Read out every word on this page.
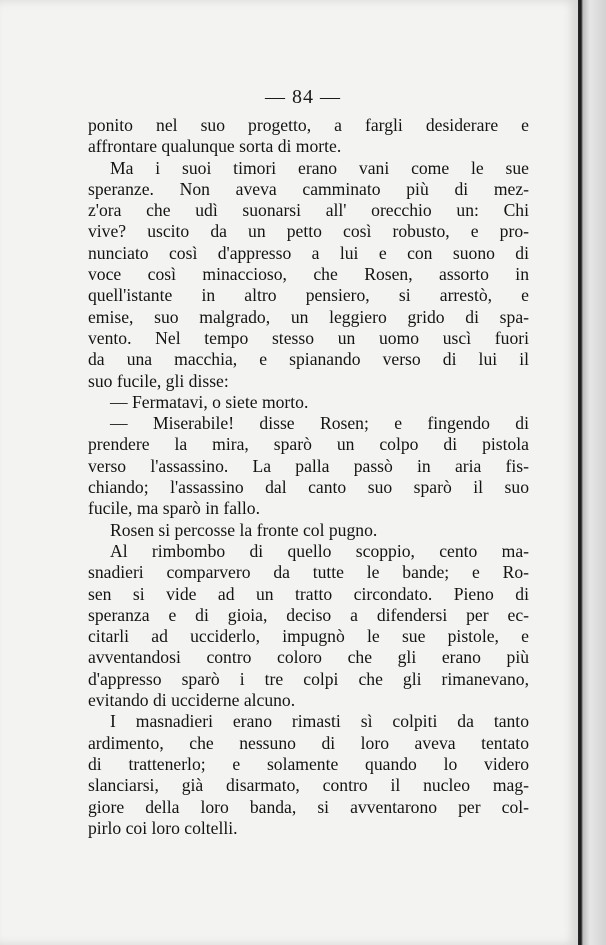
— 84 —
ponito nel suo progetto, a fargli desiderare e
affrontare qualunque sorta di morte.
Ma i suoi timori erano vani come le sue
speranze. Non aveva camminato più di mez-
z'ora che udì suonarsi all' orecchio un: Chi
vive? uscito da un petto così robusto, e pro-
nunciato così d'appresso a lui e con suono di
voce così minaccioso, che Rosen, assorto in
quell'istante in altro pensiero, si arrestò, e
emise, suo malgrado, un leggiero grido di spa-
vento. Nel tempo stesso un uomo uscì fuori
da una macchia, e spianando verso di lui il
suo fucile, gli disse:
— Fermatavi, o siete morto.
— Miserabile! disse Rosen; e fingendo di
prendere la mira, sparò un colpo di pistola
verso l'assassino. La palla passò in aria fis-
chiando; l'assassino dal canto suo sparò il suo
fucile, ma sparò in fallo.
Rosen si percosse la fronte col pugno.
Al rimbombo di quello scoppio, cento ma-
snadieri comparvero da tutte le bande; e Ro-
sen si vide ad un tratto circondato. Pieno di
speranza e di gioia, deciso a difendersi per ec-
citarli ad ucciderlo, impugnò le sue pistole, e
avventandosi contro coloro che gli erano più
d'appresso sparò i tre colpi che gli rimanevano,
evitando di ucciderne alcuno.
I masnadieri erano rimasti sì colpiti da tanto
ardimento, che nessuno di loro aveva tentato
di trattenerlo; e solamente quando lo videro
slanciarsi, già disarmato, contro il nucleo mag-
giore della loro banda, si avventarono per col-
pirlo coi loro coltelli.
